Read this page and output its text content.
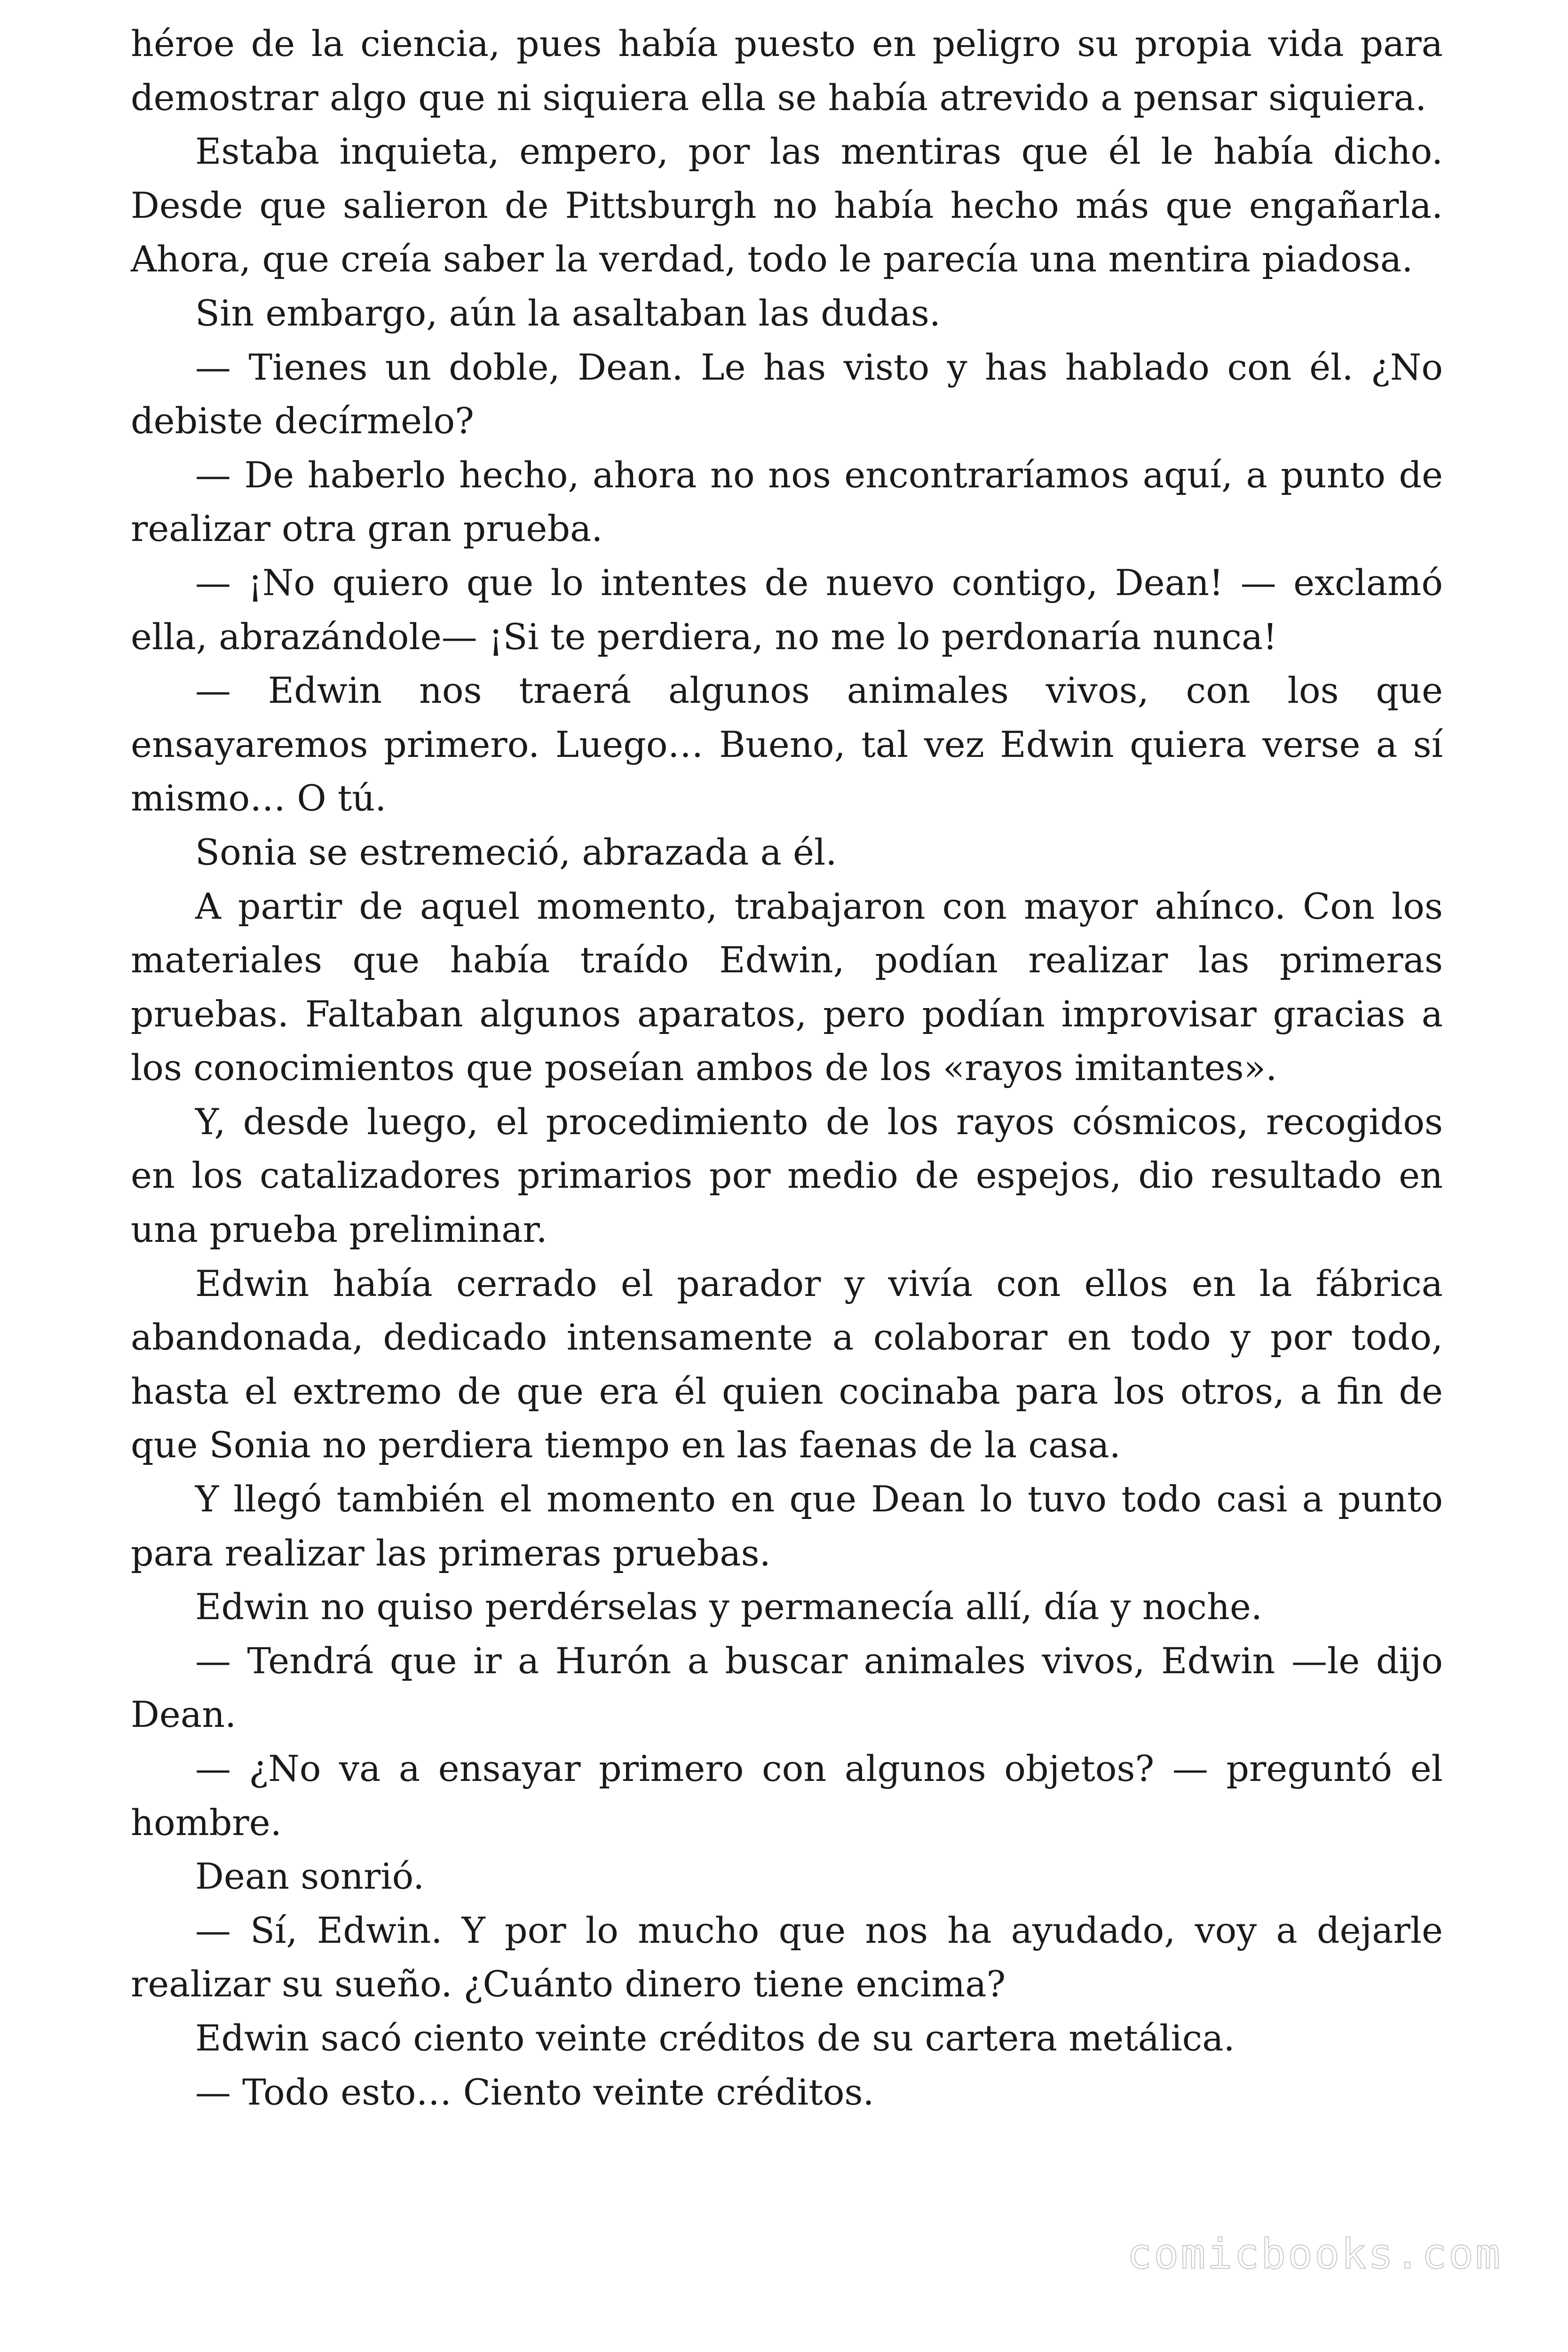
héroe de la ciencia, pues había puesto en peligro su propia vida para demostrar algo que ni siquiera ella se había atrevido a pensar siquiera.

Estaba inquieta, empero, por las mentiras que él le había dicho. Desde que salieron de Pittsburgh no había hecho más que engañarla. Ahora, que creía saber la verdad, todo le parecía una mentira piadosa.

Sin embargo, aún la asaltaban las dudas.

— Tienes un doble, Dean. Le has visto y has hablado con él. ¿No debiste decírmelo?

— De haberlo hecho, ahora no nos encontraríamos aquí, a punto de realizar otra gran prueba.

— ¡No quiero que lo intentes de nuevo contigo, Dean! — exclamó ella, abrazándole— ¡Si te perdiera, no me lo perdonaría nunca!

— Edwin nos traerá algunos animales vivos, con los que ensayaremos primero. Luego… Bueno, tal vez Edwin quiera verse a sí mismo… O tú.

Sonia se estremeció, abrazada a él.

A partir de aquel momento, trabajaron con mayor ahínco. Con los materiales que había traído Edwin, podían realizar las primeras pruebas. Faltaban algunos aparatos, pero podían improvisar gracias a los conocimientos que poseían ambos de los «rayos imitantes».

Y, desde luego, el procedimiento de los rayos cósmicos, recogidos en los catalizadores primarios por medio de espejos, dio resultado en una prueba preliminar.

Edwin había cerrado el parador y vivía con ellos en la fábrica abandonada, dedicado intensamente a colaborar en todo y por todo, hasta el extremo de que era él quien cocinaba para los otros, a fin de que Sonia no perdiera tiempo en las faenas de la casa.

Y llegó también el momento en que Dean lo tuvo todo casi a punto para realizar las primeras pruebas.

Edwin no quiso perdérselas y permanecía allí, día y noche.

— Tendrá que ir a Hurón a buscar animales vivos, Edwin —le dijo Dean.

— ¿No va a ensayar primero con algunos objetos? — preguntó el hombre.

Dean sonrió.

— Sí, Edwin. Y por lo mucho que nos ha ayudado, voy a dejarle realizar su sueño. ¿Cuánto dinero tiene encima?

Edwin sacó ciento veinte créditos de su cartera metálica.

— Todo esto… Ciento veinte créditos.

comicbooks.com
